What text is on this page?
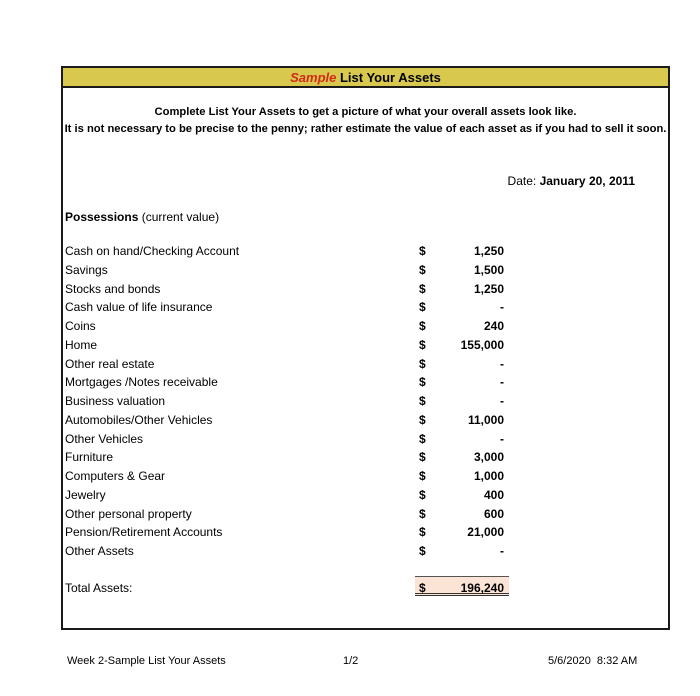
Sample List Your Assets
Complete List Your Assets to get a picture of what your overall assets look like.
It is not necessary to be precise to the penny; rather estimate the value of each asset as if you had to sell it soon.
Date: January 20, 2011
Possessions (current value)
Cash on hand/Checking Account	$	1,250
Savings	$	1,500
Stocks and bonds	$	1,250
Cash value of life insurance	$	-
Coins	$	240
Home	$	155,000
Other real estate	$	-
Mortgages /Notes receivable	$	-
Business valuation	$	-
Automobiles/Other Vehicles	$	11,000
Other Vehicles	$	-
Furniture	$	3,000
Computers & Gear	$	1,000
Jewelry	$	400
Other personal property	$	600
Pension/Retirement Accounts	$	21,000
Other Assets	$	-
Total Assets:	$	196,240
Week 2-Sample List Your Assets	1/2	5/6/2020  8:32 AM
